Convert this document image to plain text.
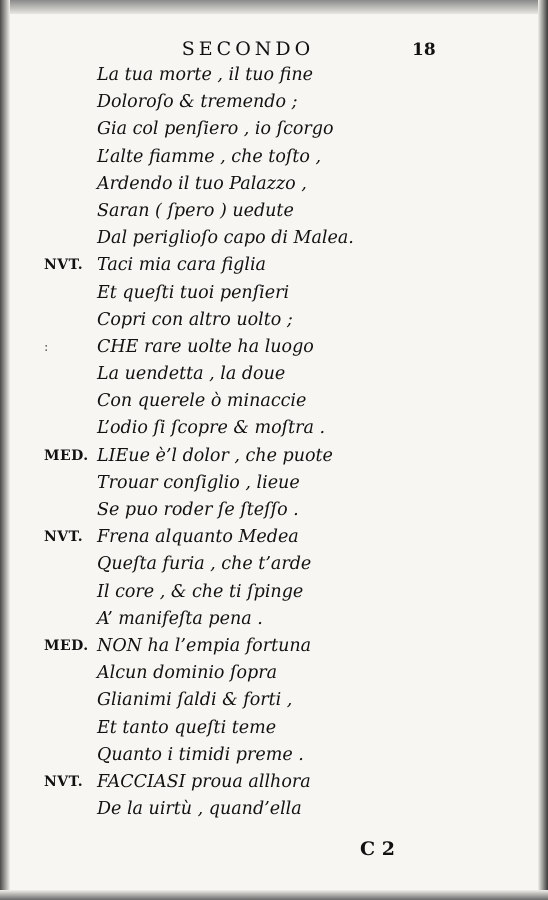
SECONDO	18
La tua morte , il tuo fine
Doloroſo & tremendo ;
Gia col penſiero , io ſcorgo
L’alte fiamme , che toſto ,
Ardendo il tuo Palazzo ,
Saran ( ſpero ) uedute
Dal periglioſo capo di Malea.
NVT. Taci mia cara figlia
Et queſti tuoi penſieri
Copri con altro uolto ;
:	CHE rare uolte ha luogo
La uendetta , la doue
Con querele ò minaccie
L’odio ſi ſcopre & moſtra .
MED. LIEue è’l dolor , che puote
Trouar conſiglio , lieue
Se puo roder ſe ſteſſo .
NVT. Frena alquanto Medea
Queſta furia , che t’arde
Il core , & che ti ſpinge
A’ manifeſta pena .
MED. NON ha l’empia fortuna
Alcun dominio ſopra
Glianimi ſaldi & forti ,
Et tanto queſti teme
Quanto i timidi preme .
NVT. FACCIASI proua allhora
De la uirtù , quand’ella
C 2
